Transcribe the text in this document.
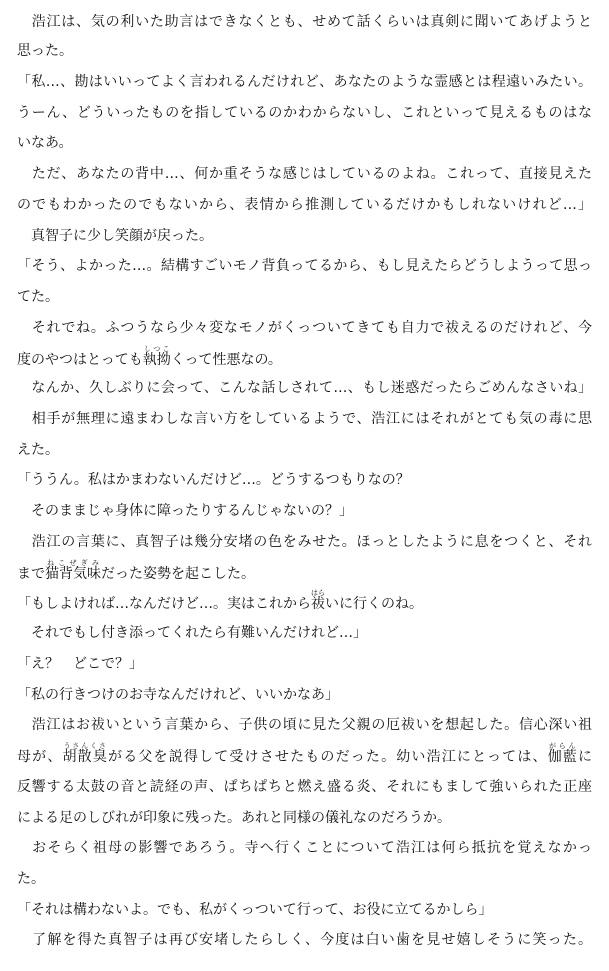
　浩江は、気の利いた助言はできなくとも、せめて話くらいは真剣に聞いてあげようと
思った。
「私…、勘はいいってよく言われるんだけれど、あなたのような霊感とは程遠いみたい。
うーん、どういったものを指しているのかわからないし、これといって見えるものはな
いなあ。
　ただ、あなたの背中…、何か重そうな感じはしているのよね。これって、直接見えた
のでもわかったのでもないから、表情から推測しているだけかもしれないけれど…」
　真智子に少し笑顔が戻った。
「そう、よかった…。結構すごいモノ背負ってるから、もし見えたらどうしようって思っ
てた。
　それでね。ふつうなら少々変なモノがくっついてきても自力で祓えるのだけれど、今
度のやつはとっても執拗しつこくって性悪なの。
　なんか、久しぶりに会って、こんな話しされて…、もし迷惑だったらごめんなさいね」
　相手が無理に遠まわしな言い方をしているようで、浩江にはそれがとても気の毒に思
えた。
「ううん。私はかまわないんだけど…。どうするつもりなの？
　そのままじゃ身体に障ったりするんじゃないの？」
　浩江の言葉に、真智子は幾分安堵の色をみせた。ほっとしたように息をつくと、それ
まで猫背気味ねこぜぎみだった姿勢を起こした。
「もしよければ…なんだけど…。実はこれから祓はらいに行くのね。
　それでもし付き添ってくれたら有難いんだけれど…」
「え？　どこで？」
「私の行きつけのお寺なんだけれど、いいかなあ」
　浩江はお祓いという言葉から、子供の頃に見た父親の厄祓いを想起した。信心深い祖
母が、胡散臭うさんくさがる父を説得して受けさせたものだった。幼い浩江にとっては、伽藍がらんに
反響する太鼓の音と読経の声、ぱちぱちと燃え盛る炎、それにもまして強いられた正座
による足のしびれが印象に残った。あれと同様の儀礼なのだろうか。
　おそらく祖母の影響であろう。寺へ行くことについて浩江は何ら抵抗を覚えなかっ
た。
「それは構わないよ。でも、私がくっついて行って、お役に立てるかしら」
　了解を得た真智子は再び安堵したらしく、今度は白い歯を見せ嬉しそうに笑った。
